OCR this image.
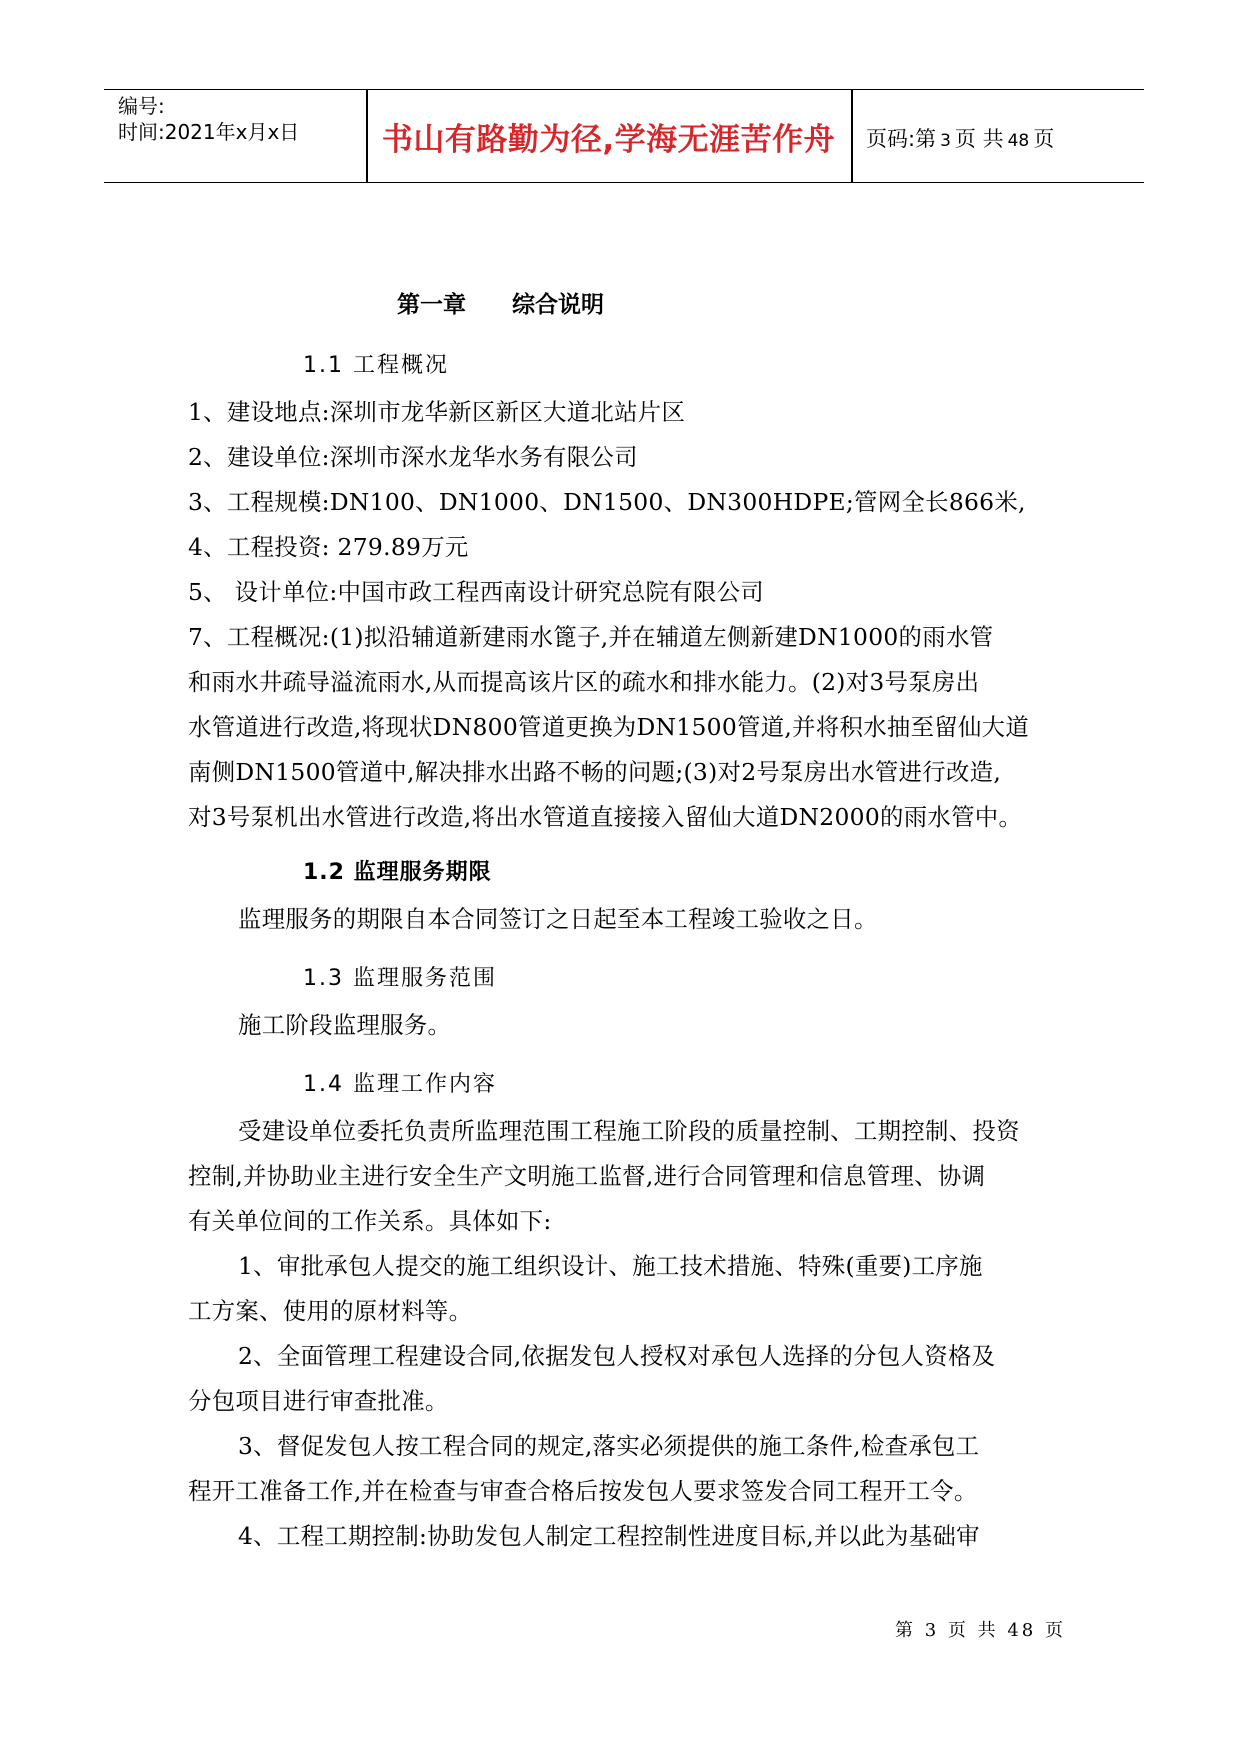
编号:
时间:2021年x月x日	书山有路勤为径,学海无涯苦作舟	页码:第 3 页 共 48 页
第一章 综合说明
1.1 工程概况
1、建设地点:深圳市龙华新区新区大道北站片区
2、建设单位:深圳市深水龙华水务有限公司
3、工程规模:DN100、DN1000、DN1500、DN300HDPE;管网全长866米,
4、工程投资: 279.89万元
5、 设计单位:中国市政工程西南设计研究总院有限公司
7、工程概况:(1)拟沿辅道新建雨水篦子,并在辅道左侧新建DN1000的雨水管
和雨水井疏导溢流雨水,从而提高该片区的疏水和排水能力。(2)对3号泵房出
水管道进行改造,将现状DN800管道更换为DN1500管道,并将积水抽至留仙大道
南侧DN1500管道中,解决排水出路不畅的问题;(3)对2号泵房出水管进行改造,
对3号泵机出水管进行改造,将出水管道直接接入留仙大道DN2000的雨水管中。
1.2 监理服务期限
监理服务的期限自本合同签订之日起至本工程竣工验收之日。
1.3 监理服务范围
施工阶段监理服务。
1.4 监理工作内容
受建设单位委托负责所监理范围工程施工阶段的质量控制、工期控制、投资
控制,并协助业主进行安全生产文明施工监督,进行合同管理和信息管理、协调
有关单位间的工作关系。具体如下:
1、审批承包人提交的施工组织设计、施工技术措施、特殊(重要)工序施
工方案、使用的原材料等。
2、全面管理工程建设合同,依据发包人授权对承包人选择的分包人资格及
分包项目进行审查批准。
3、督促发包人按工程合同的规定,落实必须提供的施工条件,检查承包工
程开工准备工作,并在检查与审查合格后按发包人要求签发合同工程开工令。
4、工程工期控制:协助发包人制定工程控制性进度目标,并以此为基础审
第 3 页 共 48 页
